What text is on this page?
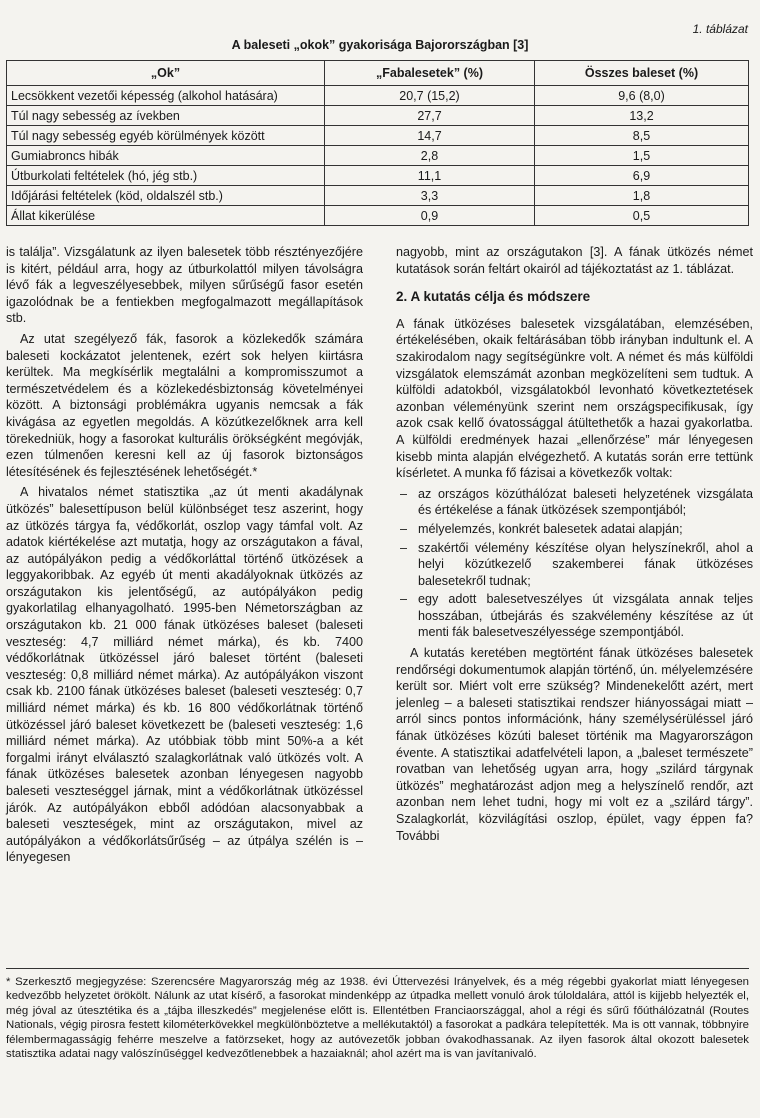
1. táblázat
A baleseti „okok” gyakorisága Bajorországban [3]
„Ok”	„Fabalesetek” (%)	Összes baleset (%)
Lecsökkent vezetői képesség (alkohol hatására)	20,7 (15,2)	9,6 (8,0)
Túl nagy sebesség az ívekben	27,7	13,2
Túl nagy sebesség egyéb körülmények között	14,7	8,5
Gumiabroncs hibák	2,8	1,5
Útburkolati feltételek (hó, jég stb.)	11,1	6,9
Időjárási feltételek (köd, oldalszél stb.)	3,3	1,8
Állat kikerülése	0,9	0,5

is találja”. Vizsgálatunk az ilyen balesetek több résztényezőjére is kitért, például arra, hogy az útburkolattól milyen távolságra lévő fák a legveszélyesebbek, milyen sűrűségű fasor esetén igazolódnak be a fentiekben megfogalmazott megállapítások stb.

Az utat szegélyező fák, fasorok a közlekedők számára baleseti kockázatot jelentenek, ezért sok helyen kiirtásra kerültek. Ma megkísérlik megtalálni a kompromisszumot a természetvédelem és a közlekedésbiztonság követelményei között. A biztonsági problémákra ugyanis nemcsak a fák kivágása az egyetlen megoldás. A közútkezelőknek arra kell törekedniük, hogy a fasorokat kulturális örökségként megóvják, ezen túlmenően keresni kell az új fasorok biztonságos létesítésének és fejlesztésének lehetőségét.*

A hivatalos német statisztika „az út menti akadálynak ütközés” balesettípuson belül különbséget tesz aszerint, hogy az ütközés tárgya fa, védőkorlát, oszlop vagy támfal volt. Az adatok kiértékelése azt mutatja, hogy az országutakon a fával, az autópályákon pedig a védőkorláttal történő ütközések a leggyakoribbak. Az egyéb út menti akadályoknak ütközés az országutakon kis jelentőségű, az autópályákon pedig gyakorlatilag elhanyagolható. 1995-ben Németországban az országutakon kb. 21 000 fának ütközéses baleset (baleseti veszteség: 4,7 milliárd német márka), és kb. 7400 védőkorlátnak ütközéssel járó baleset történt (baleseti veszteség: 0,8 milliárd német márka). Az autópályákon viszont csak kb. 2100 fának ütközéses baleset (baleseti veszteség: 0,7 milliárd német márka) és kb. 16 800 védőkorlátnak történő ütközéssel járó baleset következett be (baleseti veszteség: 1,6 milliárd német márka). Az utóbbiak több mint 50%-a a két forgalmi irányt elválasztó szalagkorlátnak való ütközés volt. A fának ütközéses balesetek azonban lényegesen nagyobb baleseti veszteséggel járnak, mint a védőkorlátnak ütközéssel járók. Az autópályákon ebből adódóan alacsonyabbak a baleseti veszteségek, mint az országutakon, mivel az autópályákon a védőkorlátsűrűség – az útpálya szélén is – lényegesen

nagyobb, mint az országutakon [3]. A fának ütközés német kutatások során feltárt okairól ad tájékoztatást az 1. táblázat.

2. A kutatás célja és módszere

A fának ütközéses balesetek vizsgálatában, elemzésében, értékelésében, okaik feltárásában több irányban indultunk el. A szakirodalom nagy segítségünkre volt. A német és más külföldi vizsgálatok elemszámát azonban megközelíteni sem tudtuk. A külföldi adatokból, vizsgálatokból levonható következtetések azonban véleményünk szerint nem országspecifikusak, így azok csak kellő óvatossággal átültethetők a hazai gyakorlatba. A külföldi eredmények hazai „ellenőrzése” már lényegesen kisebb minta alapján elvégezhető. A kutatás során erre tettünk kísérletet. A munka fő fázisai a következők voltak:

– az országos közúthálózat baleseti helyzetének vizsgálata és értékelése a fának ütközések szempontjából;
– mélyelemzés, konkrét balesetek adatai alapján;
– szakértői vélemény készítése olyan helyszínekről, ahol a helyi közútkezelő szakemberei fának ütközéses balesetekről tudnak;
– egy adott balesetveszélyes út vizsgálata annak teljes hosszában, útbejárás és szakvélemény készítése az út menti fák balesetveszélyessége szempontjából.

A kutatás keretében megtörtént fának ütközéses balesetek rendőrségi dokumentumok alapján történő, ún. mélyelemzésére került sor. Miért volt erre szükség? Mindenekelőtt azért, mert jelenleg – a baleseti statisztikai rendszer hiányosságai miatt – arról sincs pontos információnk, hány személysérüléssel járó fának ütközéses közúti baleset történik ma Magyarországon évente. A statisztikai adatfelvételi lapon, a „baleset természete” rovatban van lehetőség ugyan arra, hogy „szilárd tárgynak ütközés” meghatározást adjon meg a helyszínelő rendőr, azt azonban nem lehet tudni, hogy mi volt ez a „szilárd tárgy”. Szalagkorlát, közvilágítási oszlop, épület, vagy éppen fa? További

* Szerkesztő megjegyzése: Szerencsére Magyarország még az 1938. évi Úttervezési Irányelvek, és a még régebbi gyakorlat miatt lényegesen kedvezőbb helyzetet örökölt. Nálunk az utat kísérő, a fasorokat mindenképp az útpadka mellett vonuló árok túloldalára, attól is kijjebb helyezték el, még jóval az útesztétika és a „tájba illeszkedés” megjelenése előtt is. Ellentétben Franciaországgal, ahol a régi és sűrű főúthálózatnál (Routes Nationals, végig pirosra festett kilométerkövekkel megkülönböztetve a mellékutaktól) a fasorokat a padkára telepítették. Ma is ott vannak, többnyire félembermagasságig fehérre meszelve a fatörzseket, hogy az autóvezetők jobban óvakodhassanak. Az ilyen fasorok által okozott balesetek statisztika adatai nagy valószínűséggel kedvezőtlenebbek a hazaiaknál; ahol azért ma is van javítanivaló.
